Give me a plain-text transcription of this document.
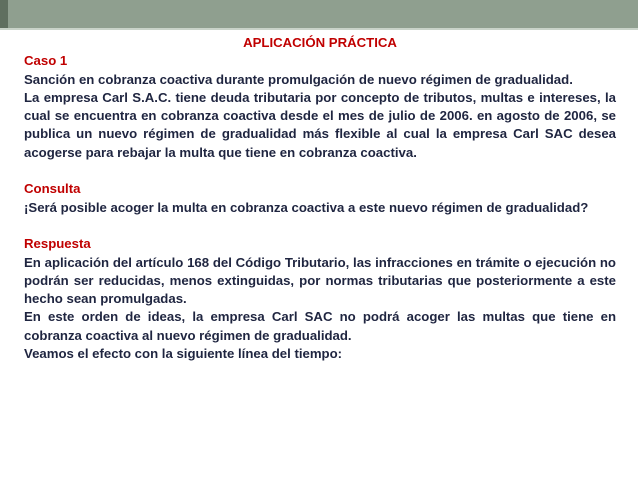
APLICACIÓN PRÁCTICA

Caso 1

Sanción en cobranza coactiva durante promulgación de nuevo régimen de gradualidad.

La empresa Carl S.A.C. tiene deuda tributaria por concepto de tributos, multas e intereses, la cual se encuentra en cobranza coactiva desde el mes de julio de 2006. en agosto de 2006, se publica un nuevo régimen de gradualidad más flexible al cual la empresa Carl SAC desea acogerse para rebajar la multa que tiene en cobranza coactiva.

Consulta

¡Será posible acoger la multa en cobranza coactiva a este nuevo régimen de gradualidad?

Respuesta

En aplicación del artículo 168 del Código Tributario, las infracciones en trámite o ejecución no podrán ser reducidas, menos extinguidas, por normas tributarias que posteriormente a este hecho sean promulgadas.

En este orden de ideas, la empresa Carl SAC no podrá acoger las multas que tiene en cobranza coactiva al nuevo régimen de gradualidad.

Veamos el efecto con la siguiente línea del tiempo:
